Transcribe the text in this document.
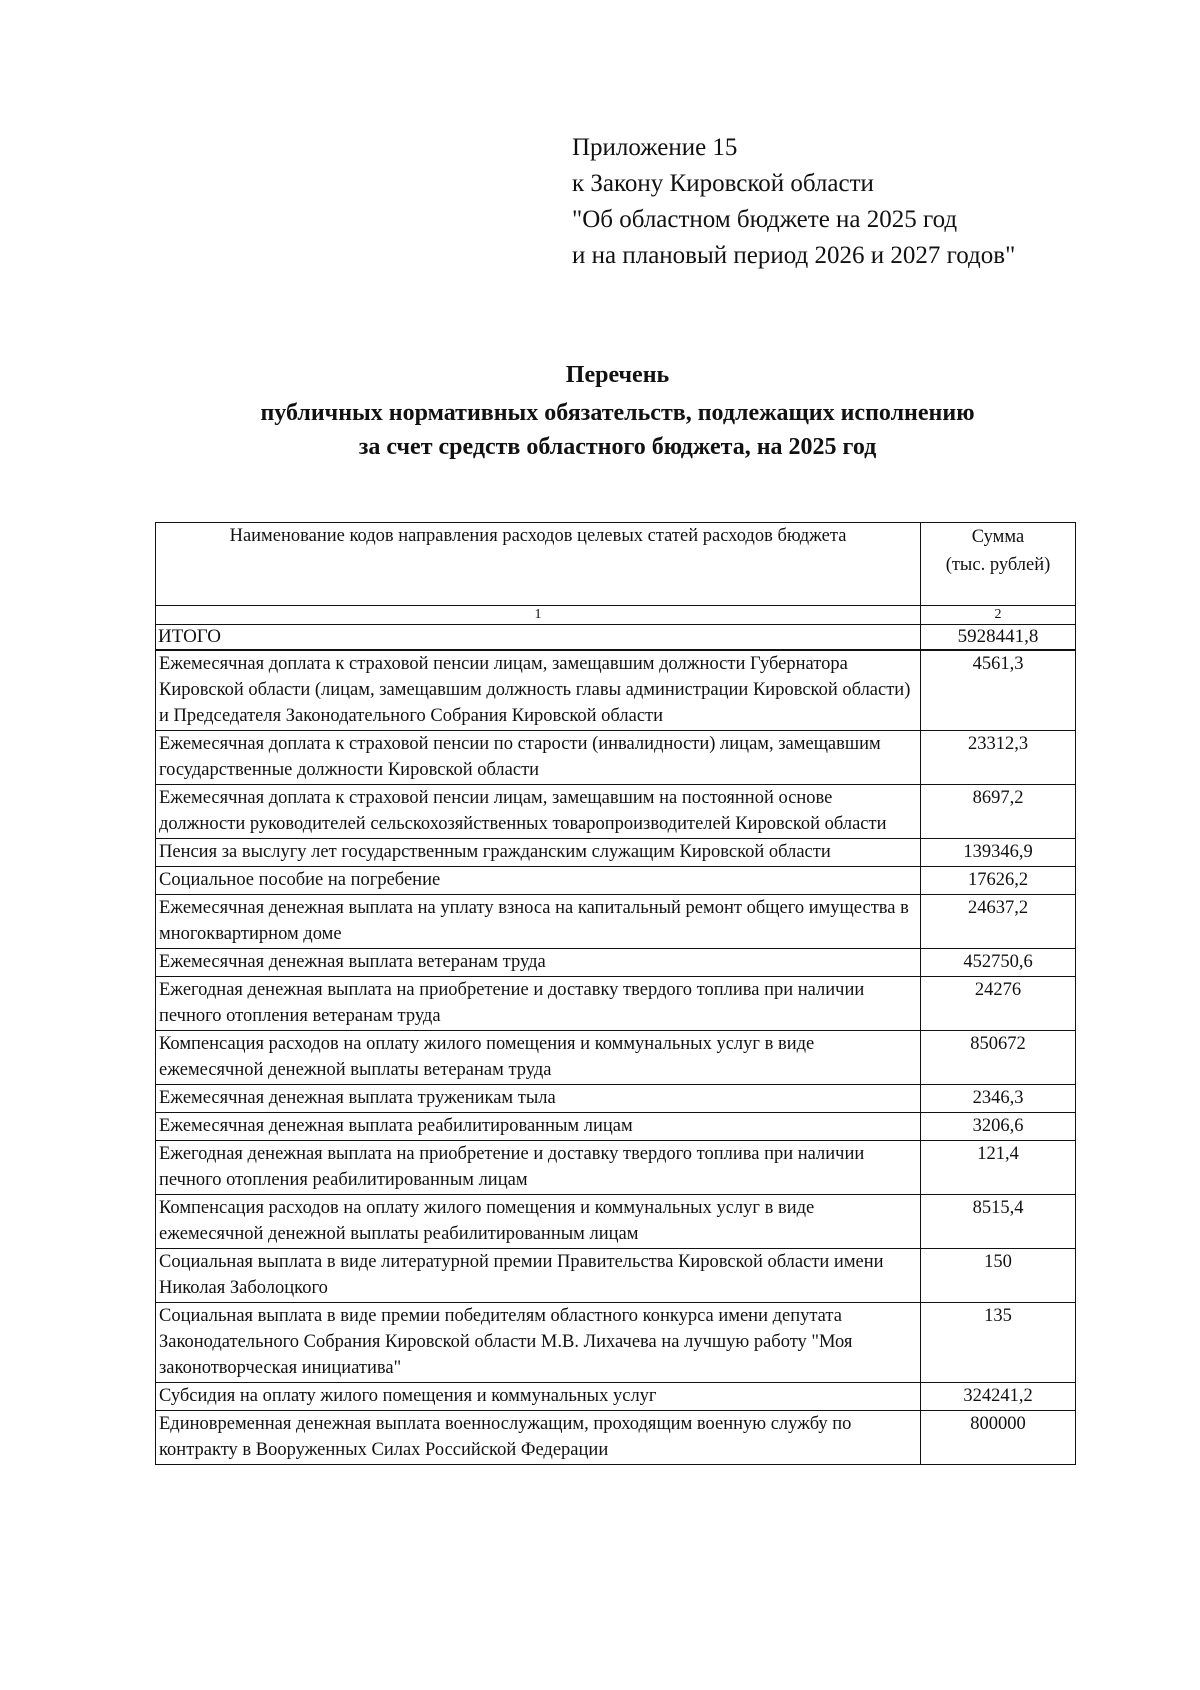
Приложение 15
к Закону Кировской области
"Об областном бюджете на 2025 год
и на плановый период 2026 и 2027 годов"
Перечень
публичных нормативных обязательств, подлежащих исполнению
за счет средств областного бюджета, на 2025 год
Наименование кодов направления расходов целевых статей расходов бюджета	Сумма
(тыс. рублей)

1	2
ИТОГО	5928441,8
Ежемесячная доплата к страховой пенсии лицам, замещавшим должности Губернатора Кировской области (лицам, замещавшим должность главы администрации Кировской области) и Председателя Законодательного Собрания Кировской области	4561,3
Ежемесячная доплата к страховой пенсии по старости (инвалидности) лицам, замещавшим государственные должности Кировской области	23312,3
Ежемесячная доплата к страховой пенсии лицам, замещавшим на постоянной основе должности руководителей сельскохозяйственных товаропроизводителей Кировской области	8697,2
Пенсия за выслугу лет государственным гражданским служащим Кировской области	139346,9
Социальное пособие на погребение	17626,2
Ежемесячная денежная выплата на уплату взноса на капитальный ремонт общего имущества в многоквартирном доме	24637,2
Ежемесячная денежная выплата ветеранам труда	452750,6
Ежегодная денежная выплата на приобретение и доставку твердого топлива при наличии печного отопления ветеранам труда	24276
Компенсация расходов на оплату жилого помещения и коммунальных услуг в виде ежемесячной денежной выплаты ветеранам труда	850672
Ежемесячная денежная выплата труженикам тыла	2346,3
Ежемесячная денежная выплата реабилитированным лицам	3206,6
Ежегодная денежная выплата на приобретение и доставку твердого топлива при наличии печного отопления реабилитированным лицам	121,4
Компенсация расходов на оплату жилого помещения и коммунальных услуг в виде ежемесячной денежной выплаты реабилитированным лицам	8515,4
Социальная выплата в виде литературной премии Правительства Кировской области имени Николая Заболоцкого	150
Социальная выплата в виде премии победителям областного конкурса имени депутата Законодательного Собрания Кировской области М.В. Лихачева на лучшую работу "Моя законотворческая инициатива"	135
Субсидия на оплату жилого помещения и коммунальных услуг	324241,2
Единовременная денежная выплата военнослужащим, проходящим военную службу по контракту в Вооруженных Силах Российской Федерации	800000
